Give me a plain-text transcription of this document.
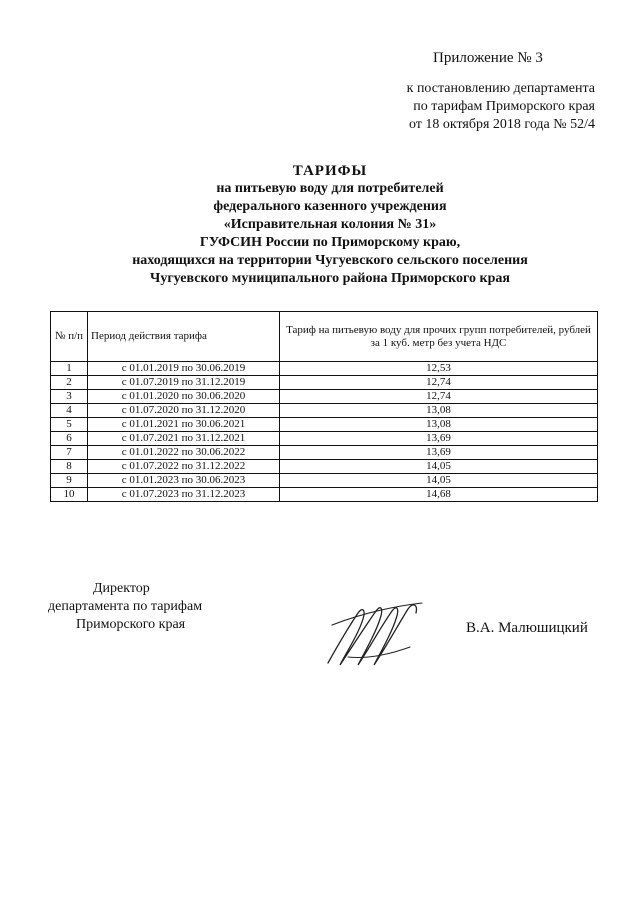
Приложение № 3
к постановлению департамента
по тарифам Приморского края
от 18 октября 2018 года № 52/4
ТАРИФЫ
на питьевую воду для потребителей
федерального казенного учреждения
«Исправительная колония № 31»
ГУФСИН России по Приморскому краю,
находящихся на территории Чугуевского сельского поселения
Чугуевского муниципального района Приморского края
№ п/п	Период действия тарифа	Тариф на питьевую воду для прочих групп потребителей, рублей за 1 куб. метр без учета НДС
1	с 01.01.2019 по 30.06.2019	12,53
2	с 01.07.2019 по 31.12.2019	12,74
3	с 01.01.2020 по 30.06.2020	12,74
4	с 01.07.2020 по 31.12.2020	13,08
5	с 01.01.2021 по 30.06.2021	13,08
6	с 01.07.2021 по 31.12.2021	13,69
7	с 01.01.2022 по 30.06.2022	13,69
8	с 01.07.2022 по 31.12.2022	14,05
9	с 01.01.2023 по 30.06.2023	14,05
10	с 01.07.2023 по 31.12.2023	14,68
Директор
департамента по тарифам
Приморского края	В.А. Малюшицкий
